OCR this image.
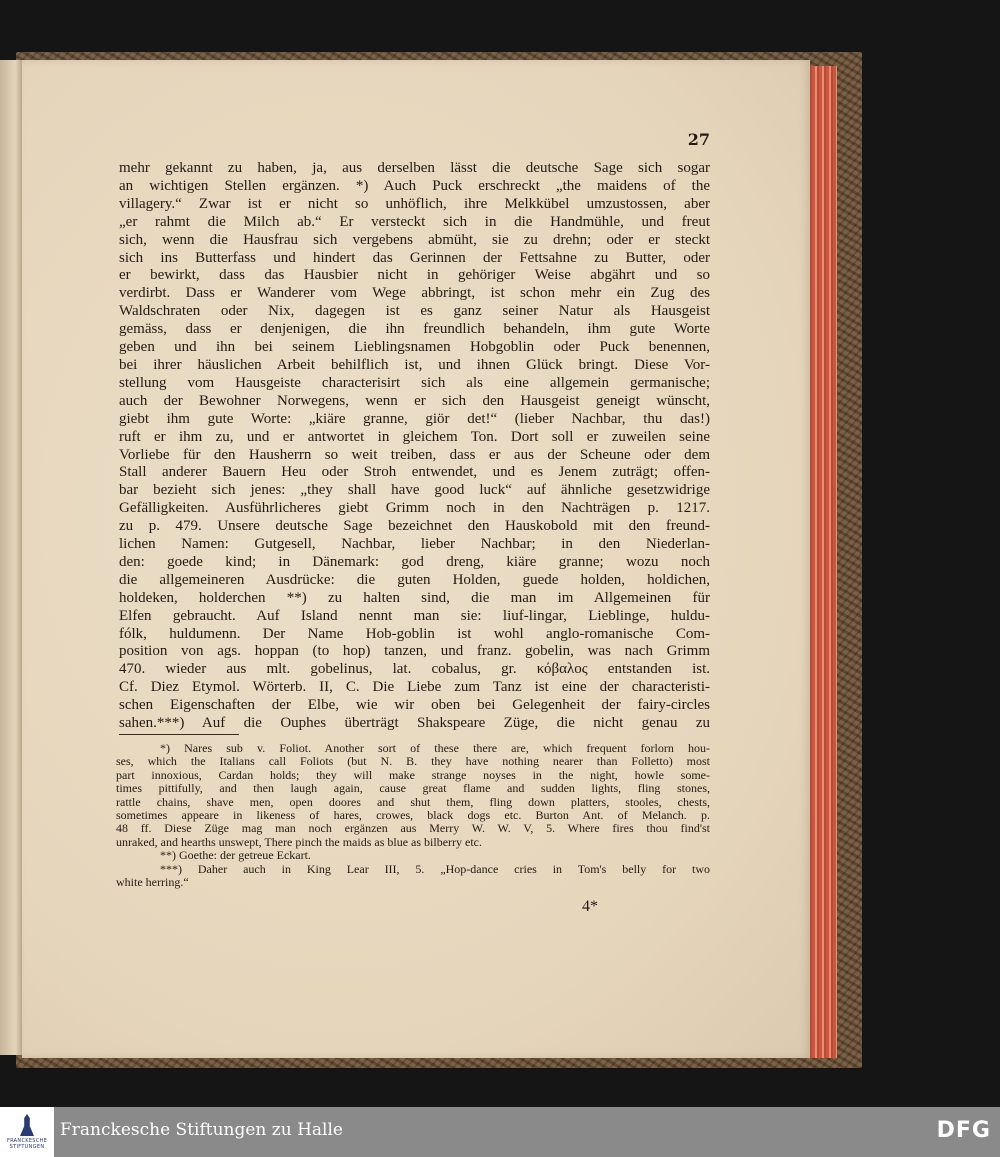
27
mehr gekannt zu haben, ja, aus derselben lässt die deutsche Sage sich sogar
an wichtigen Stellen ergänzen. *) Auch Puck erschreckt „the maidens of the
villagery.“ Zwar ist er nicht so unhöflich, ihre Melkkübel umzustossen, aber
„er rahmt die Milch ab.“ Er versteckt sich in die Handmühle, und freut
sich, wenn die Hausfrau sich vergebens abmüht, sie zu drehn; oder er steckt
sich ins Butterfass und hindert das Gerinnen der Fettsahne zu Butter, oder
er bewirkt, dass das Hausbier nicht in gehöriger Weise abgährt und so
verdirbt. Dass er Wanderer vom Wege abbringt, ist schon mehr ein Zug des
Waldschraten oder Nix, dagegen ist es ganz seiner Natur als Hausgeist
gemäss, dass er denjenigen, die ihn freundlich behandeln, ihm gute Worte
geben und ihn bei seinem Lieblingsnamen Hobgoblin oder Puck benennen,
bei ihrer häuslichen Arbeit behilflich ist, und ihnen Glück bringt. Diese Vor-
stellung vom Hausgeiste characterisirt sich als eine allgemein germanische;
auch der Bewohner Norwegens, wenn er sich den Hausgeist geneigt wünscht,
giebt ihm gute Worte: „kiäre granne, giör det!“ (lieber Nachbar, thu das!)
ruft er ihm zu, und er antwortet in gleichem Ton. Dort soll er zuweilen seine
Vorliebe für den Hausherrn so weit treiben, dass er aus der Scheune oder dem
Stall anderer Bauern Heu oder Stroh entwendet, und es Jenem zuträgt; offen-
bar bezieht sich jenes: „they shall have good luck“ auf ähnliche gesetzwidrige
Gefälligkeiten. Ausführlicheres giebt Grimm noch in den Nachträgen p. 1217.
zu p. 479. Unsere deutsche Sage bezeichnet den Hauskobold mit den freund-
lichen Namen: Gutgesell, Nachbar, lieber Nachbar; in den Niederlan-
den: goede kind; in Dänemark: god dreng, kiäre granne; wozu noch
die allgemeineren Ausdrücke: die guten Holden, guede holden, holdichen,
holdeken, holderchen **) zu halten sind, die man im Allgemeinen für
Elfen gebraucht. Auf Island nennt man sie: liuf-lingar, Lieblinge, huldu-
fólk, huldumenn. Der Name Hob-goblin ist wohl anglo-romanische Com-
position von ags. hoppan (to hop) tanzen, und franz. gobelin, was nach Grimm
470. wieder aus mlt. gobelinus, lat. cobalus, gr. κόβαλος entstanden ist.
Cf. Diez Etymol. Wörterb. II, C. Die Liebe zum Tanz ist eine der characteristi-
schen Eigenschaften der Elbe, wie wir oben bei Gelegenheit der fairy-circles
sahen.***) Auf die Ouphes überträgt Shakspeare Züge, die nicht genau zu
*) Nares sub v. Foliot. Another sort of these there are, which frequent forlorn hou-
ses, which the Italians call Foliots (but N. B. they have nothing nearer than Folletto) most
part innoxious, Cardan holds; they will make strange noyses in the night, howle some-
times pittifully, and then laugh again, cause great flame and sudden lights, fling stones,
rattle chains, shave men, open doores and shut them, fling down platters, stooles, chests,
sometimes appeare in likeness of hares, crowes, black dogs etc. Burton Ant. of Melanch. p.
48 ff. Diese Züge mag man noch ergänzen aus Merry W. W. V, 5. Where fires thou find'st
unraked, and hearths unswept, There pinch the maids as blue as bilberry etc.
**) Goethe: der getreue Eckart.
***) Daher auch in King Lear III, 5. „Hop-dance cries in Tom's belly for two
white herring.“
4*
FRANCKESCHE STIFTUNGEN
Franckesche Stiftungen zu Halle	DFG
